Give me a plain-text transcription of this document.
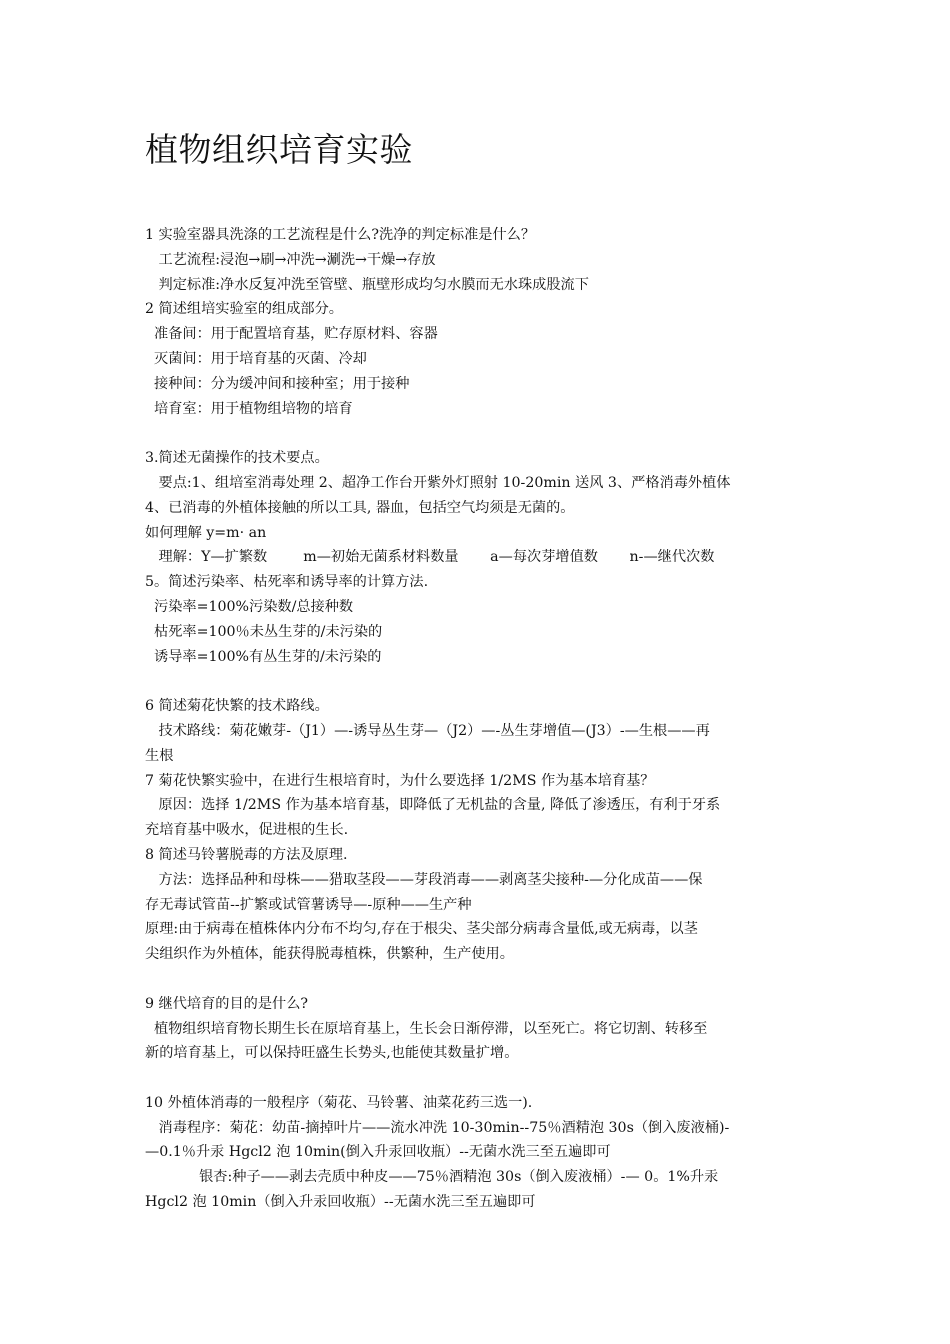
植物组织培育实验
1 实验室器具洗涤的工艺流程是什么?洗净的判定标准是什么？
工艺流程:浸泡→刷→冲洗→涮洗→干燥→存放
判定标准:净水反复冲洗至管壁、瓶壁形成均匀水膜而无水珠成股流下
2 简述组培实验室的组成部分。
准备间：用于配置培育基，贮存原材料、容器
灭菌间：用于培育基的灭菌、冷却
接种间：分为缓冲间和接种室；用于接种
培育室：用于植物组培物的培育
3.简述无菌操作的技术要点。
要点:1、组培室消毒处理 2、超净工作台开紫外灯照射 10-20min 送风 3、严格消毒外植体
4、已消毒的外植体接触的所以工具, 器血，包括空气均须是无菌的。
如何理解 y=m· an
理解：Y—扩繁数        m—初始无菌系材料数量       a—每次芽增值数       n-—继代次数
5。简述污染率、枯死率和诱导率的计算方法.
污染率=100%污染数/总接种数
枯死率=100％未丛生芽的/未污染的
诱导率=100%有丛生芽的/未污染的
6 简述菊花快繁的技术路线。
技术路线：菊花嫩芽-（J1）—-诱导丛生芽—（J2）—-丛生芽增值—(J3）-—生根——再
生根
7 菊花快繁实验中，在进行生根培育时，为什么要选择 1/2MS 作为基本培育基？
原因：选择 1/2MS 作为基本培育基，即降低了无机盐的含量, 降低了渗透压，有利于牙系
充培育基中吸水，促进根的生长.
8 简述马铃薯脱毒的方法及原理.
方法：选择品种和母株——猎取茎段——芽段消毒——剥离茎尖接种-—分化成苗——保
存无毒试管苗--扩繁或试管薯诱导—-原种——生产种
原理:由于病毒在植株体内分布不均匀,存在于根尖、茎尖部分病毒含量低,或无病毒，以茎
尖组织作为外植体，能获得脱毒植株，供繁种，生产使用。
9 继代培育的目的是什么?
植物组织培育物长期生长在原培育基上，生长会日渐停滞，以至死亡。将它切割、转移至
新的培育基上，可以保持旺盛生长势头,也能使其数量扩增。
10 外植体消毒的一般程序（菊花、马铃薯、油菜花药三选一).
消毒程序：菊花：幼苗-摘掉叶片——流水冲洗 10-30min--75％酒精泡 30s（倒入废液桶)-
—0.1％升汞 Hgcl2 泡 10min(倒入升汞回收瓶）--无菌水洗三至五遍即可
银杏:种子——剥去壳质中种皮——75％酒精泡 30s（倒入废液桶）-— 0。1%升汞
Hgcl2 泡 10min（倒入升汞回收瓶）--无菌水洗三至五遍即可
